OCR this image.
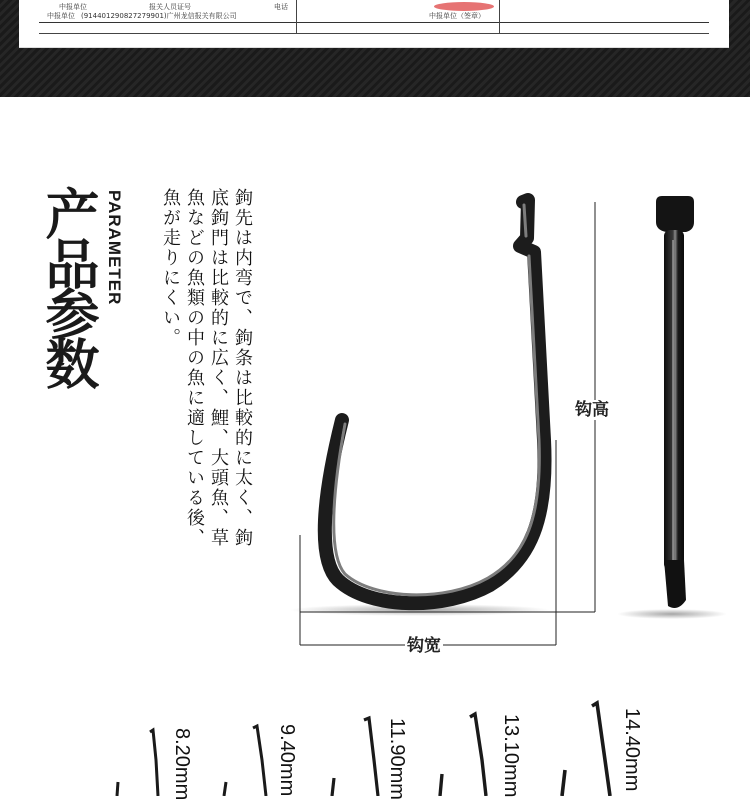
中报单位	报关人员证号	电话
中报单位 (914401290827279901)广州龙信报关有限公司	中报单位（签章）
产品参数 PARAMETER	鉤先は内弯で、鉤条は比較的に太く、鉤底鉤門は比較的に広く、鯉、大頭魚、草魚などの魚類の中の魚に適している後、魚が走りにくい。
钩高
钩宽
8.20mm	9.40mm	11.90mm	13.10mm	14.40mm
